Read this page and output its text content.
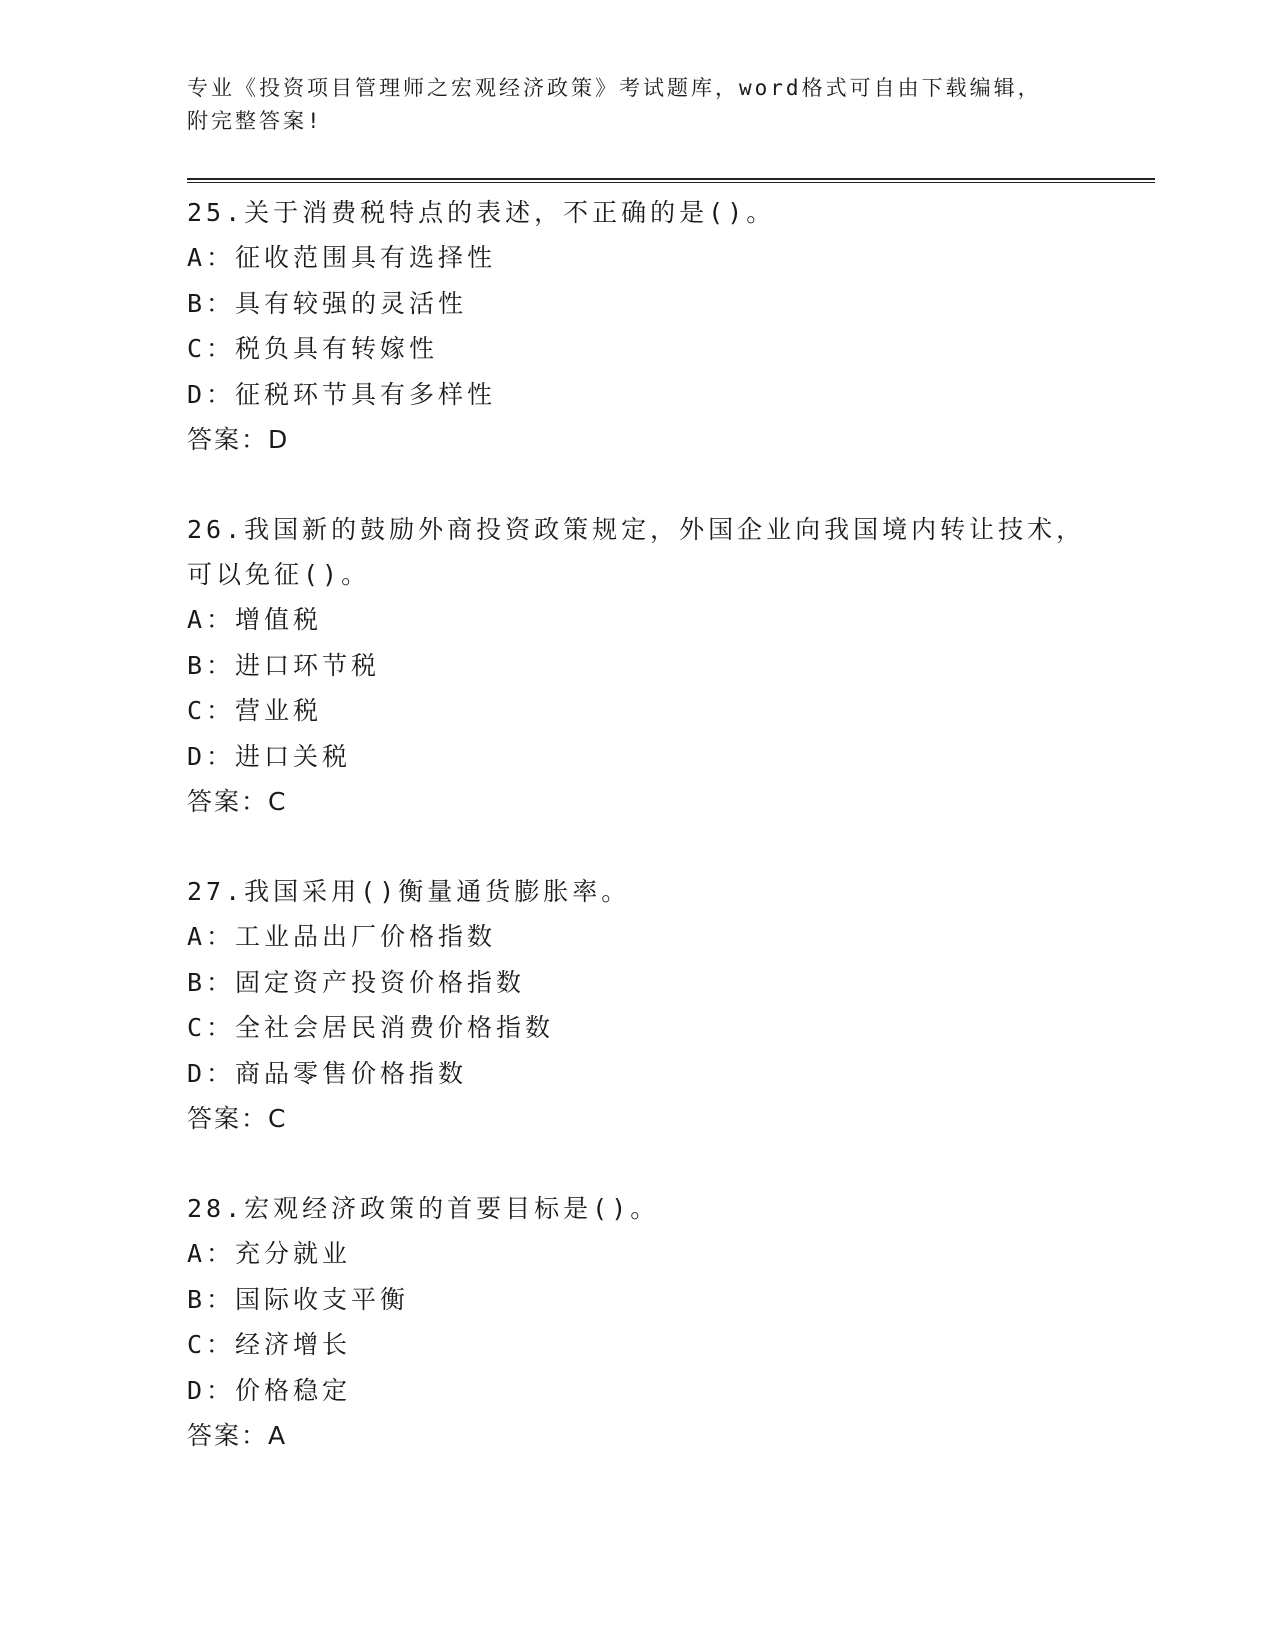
专业《投资项目管理师之宏观经济政策》考试题库，word格式可自由下载编辑，
附完整答案!
25.关于消费税特点的表述，不正确的是()。
A：征收范围具有选择性
B：具有较强的灵活性
C：税负具有转嫁性
D：征税环节具有多样性
答案：D
26.我国新的鼓励外商投资政策规定，外国企业向我国境内转让技术，
可以免征()。
A：增值税
B：进口环节税
C：营业税
D：进口关税
答案：C
27.我国采用()衡量通货膨胀率。
A：工业品出厂价格指数
B：固定资产投资价格指数
C：全社会居民消费价格指数
D：商品零售价格指数
答案：C
28.宏观经济政策的首要目标是()。
A：充分就业
B：国际收支平衡
C：经济增长
D：价格稳定
答案：A
